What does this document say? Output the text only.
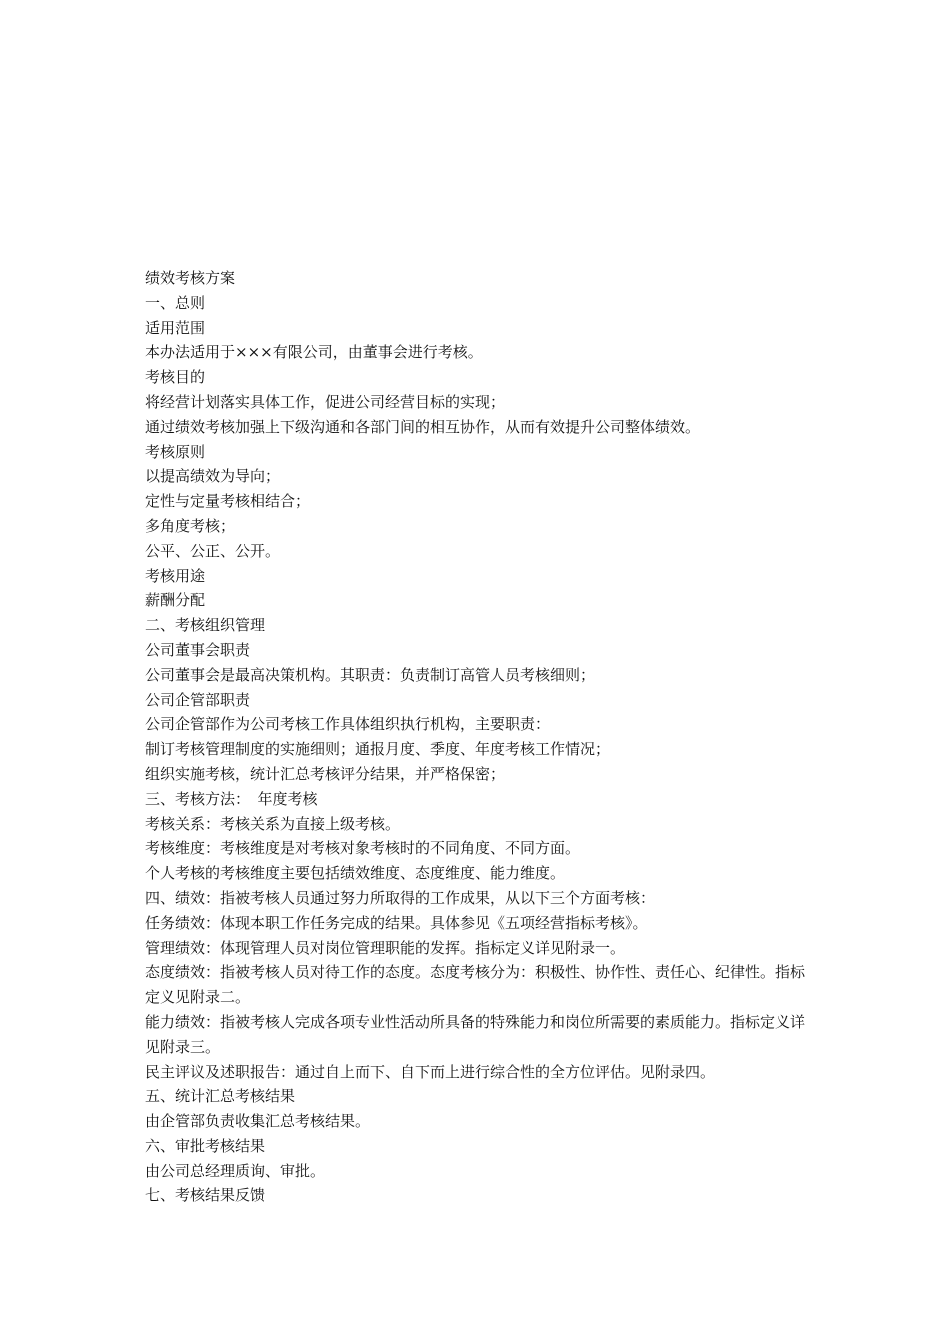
绩效考核方案
一、总则
适用范围
本办法适用于×××有限公司，由董事会进行考核。
考核目的
将经营计划落实具体工作，促进公司经营目标的实现；
通过绩效考核加强上下级沟通和各部门间的相互协作，从而有效提升公司整体绩效。
考核原则
以提高绩效为导向；
定性与定量考核相结合；
多角度考核；
公平、公正、公开。
考核用途
薪酬分配
二、考核组织管理
公司董事会职责
公司董事会是最高决策机构。其职责：负责制订高管人员考核细则；
公司企管部职责
公司企管部作为公司考核工作具体组织执行机构，主要职责：
制订考核管理制度的实施细则；通报月度、季度、年度考核工作情况；
组织实施考核，统计汇总考核评分结果，并严格保密；
三、考核方法：　年度考核
考核关系：考核关系为直接上级考核。
考核维度：考核维度是对考核对象考核时的不同角度、不同方面。
个人考核的考核维度主要包括绩效维度、态度维度、能力维度。
四、绩效：指被考核人员通过努力所取得的工作成果，从以下三个方面考核：
任务绩效：体现本职工作任务完成的结果。具体参见《五项经营指标考核》。
管理绩效：体现管理人员对岗位管理职能的发挥。指标定义详见附录一。
态度绩效：指被考核人员对待工作的态度。态度考核分为：积极性、协作性、责任心、纪律性。指标定义见附录二。
能力绩效：指被考核人完成各项专业性活动所具备的特殊能力和岗位所需要的素质能力。指标定义详见附录三。
民主评议及述职报告：通过自上而下、自下而上进行综合性的全方位评估。见附录四。
五、统计汇总考核结果
由企管部负责收集汇总考核结果。
六、审批考核结果
由公司总经理质询、审批。
七、考核结果反馈
